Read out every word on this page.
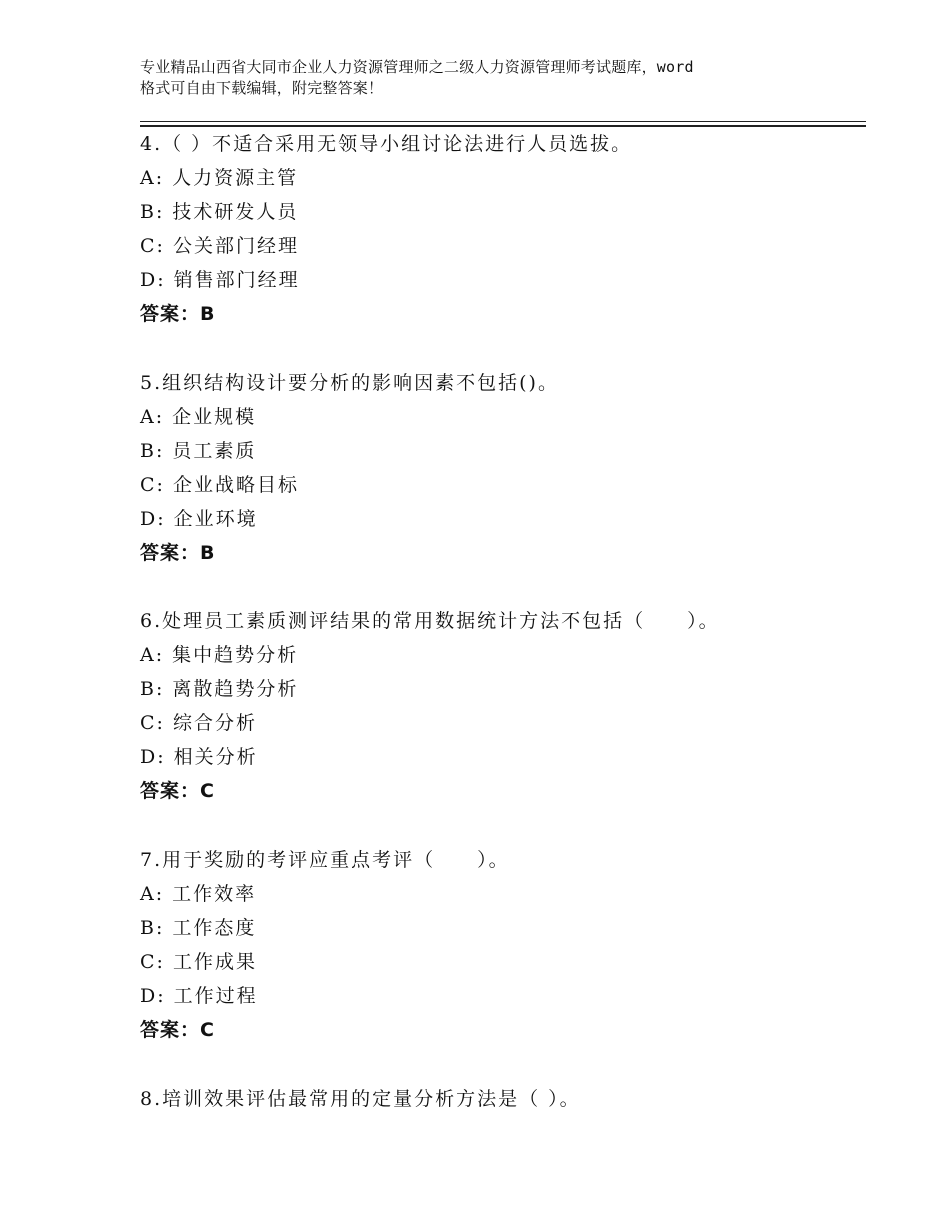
专业精品山西省大同市企业人力资源管理师之二级人力资源管理师考试题库，word
格式可自由下载编辑，附完整答案！
4.（ ）不适合采用无领导小组讨论法进行人员选拔。
A: 人力资源主管
B: 技术研发人员
C: 公关部门经理
D: 销售部门经理
答案：B
5.组织结构设计要分析的影响因素不包括()。
A: 企业规模
B: 员工素质
C: 企业战略目标
D: 企业环境
答案：B
6.处理员工素质测评结果的常用数据统计方法不包括（　　）。
A: 集中趋势分析
B: 离散趋势分析
C: 综合分析
D: 相关分析
答案：C
7.用于奖励的考评应重点考评（　　）。
A: 工作效率
B: 工作态度
C: 工作成果
D: 工作过程
答案：C
8.培训效果评估最常用的定量分析方法是（ ）。
